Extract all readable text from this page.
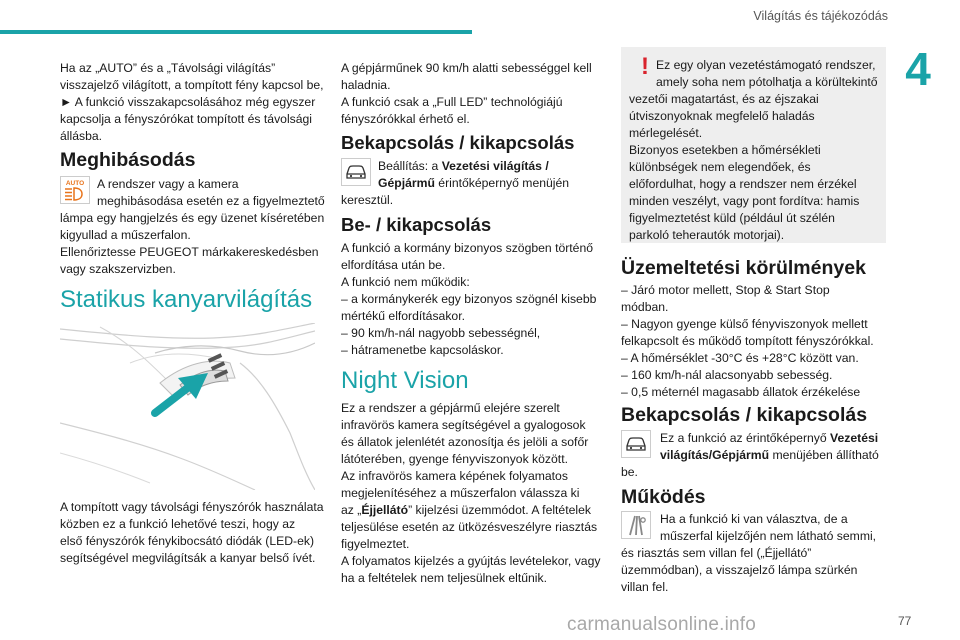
Világítás és tájékozódás
4
77
carmanualsonline.info
Ha az „AUTO” és a „Távolsági világítás”
visszajelző világított, a tompított fény kapcsol be,
► A funkció visszakapcsolásához még egyszer
kapcsolja a fényszórókat tompított és távolsági
állásba.
Meghibásodás
AUTO A rendszer vagy a kamera
meghibásodása esetén ez a figyelmeztető
lámpa egy hangjelzés és egy üzenet kíséretében
kigyullad a műszerfalon.
Ellenőriztesse PEUGEOT márkakereskedésben
vagy szakszervizben.
Statikus kanyarvilágítás
A tompított vagy távolsági fényszórók használata
közben ez a funkció lehetővé teszi, hogy az
első fényszórók fénykibocsátó diódák (LED-ek)
segítségével megvilágítsák a kanyar belső ívét.
A gépjárműnek 90 km/h alatti sebességgel kell
haladnia.
A funkció csak a „Full LED” technológiájú
fényszórókkal érhető el.
Bekapcsolás / kikapcsolás
Beállítás: a Vezetési világítás /
Gépjármű érintőképernyő menüjén
keresztül.
Be- / kikapcsolás
A funkció a kormány bizonyos szögben történő
elfordítása után be.
A funkció nem működik:
– a kormánykerék egy bizonyos szögnél kisebb
mértékű elfordításakor.
– 90 km/h-nál nagyobb sebességnél,
– hátramenetbe kapcsoláskor.
Night Vision
Ez a rendszer a gépjármű elejére szerelt
infravörös kamera segítségével a gyalogosok
és állatok jelenlétét azonosítja és jelöli a sofőr
látóterében, gyenge fényviszonyok között.
Az infravörös kamera képének folyamatos
megjelenítéséhez a műszerfalon válassza ki
az „Éjjellátó” kijelzési üzemmódot. A feltételek
teljesülése esetén az ütközésveszélyre riasztás
figyelmeztet.
A folyamatos kijelzés a gyújtás levételekor, vagy
ha a feltételek nem teljesülnek eltűnik.
! Ez egy olyan vezetéstámogató rendszer,
amely soha nem pótolhatja a körültekintő
vezetői magatartást, és az éjszakai
útviszonyoknak megfelelő haladás
mérlegelését.
Bizonyos esetekben a hőmérsékleti
különbségek nem elegendőek, és
előfordulhat, hogy a rendszer nem érzékel
minden veszélyt, vagy pont fordítva: hamis
figyelmeztetést küld (például út szélén
parkoló teherautók motorjai).
Üzemeltetési körülmények
– Járó motor mellett, Stop & Start Stop
módban.
– Nagyon gyenge külső fényviszonyok mellett
felkapcsolt és működő tompított fényszórókkal.
– A hőmérséklet -30°C és +28°C között van.
– 160 km/h-nál alacsonyabb sebesség.
– 0,5 méternél magasabb állatok érzékelése
Bekapcsolás / kikapcsolás
Ez a funkció az érintőképernyő Vezetési
világítás/Gépjármű menüjében állítható
be.
Működés
Ha a funkció ki van választva, de a
műszerfal kijelzőjén nem látható semmi,
és riasztás sem villan fel („Éjjellátó”
üzemmódban), a visszajelző lámpa szürkén
villan fel.
